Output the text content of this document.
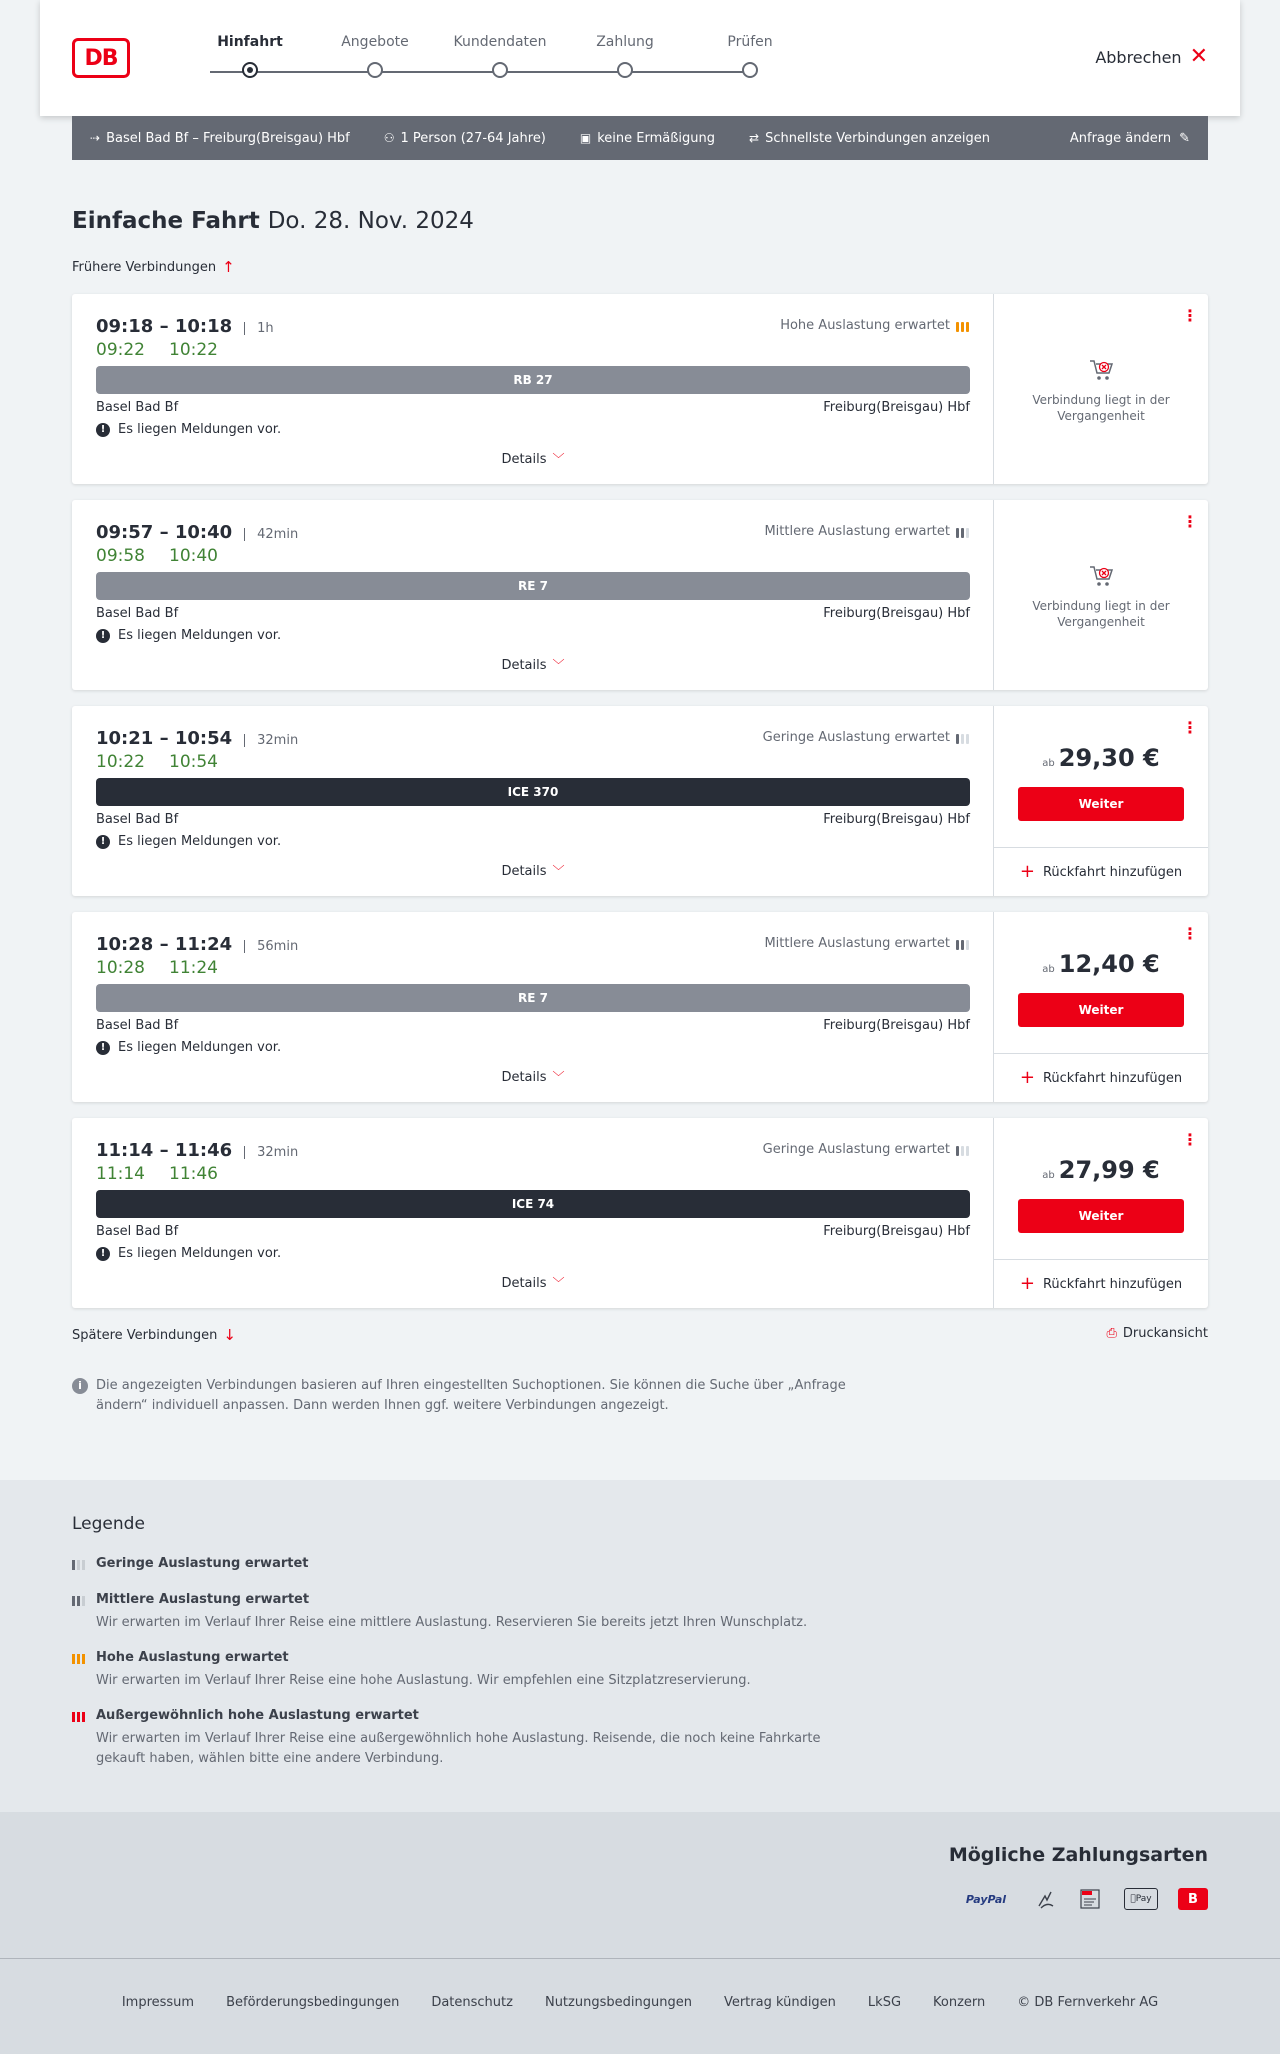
DB
Hinfahrt	Angebote	Kundendaten	Zahlung	Prüfen
Abbrechen ✕
⇢ Basel Bad Bf – Freiburg(Breisgau) Hbf	⚇ 1 Person (27-64 Jahre)	▣ keine Ermäßigung	⇄ Schnellste Verbindungen anzeigen	Anfrage ändern ✎
Einfache Fahrt Do. 28. Nov. 2024
Frühere Verbindungen ↑
09:18 – 10:18	1h
09:22 10:22
Hohe Auslastung erwartet
RB 27
Basel Bad Bf	Freiburg(Breisgau) Hbf
! Es liegen Meldungen vor.
Details ﹀
⋮
Verbindung liegt in der Vergangenheit
09:57 – 10:40	42min
09:58 10:40
Mittlere Auslastung erwartet
RE 7
Basel Bad Bf	Freiburg(Breisgau) Hbf
! Es liegen Meldungen vor.
Details ﹀
⋮
Verbindung liegt in der Vergangenheit
10:21 – 10:54	32min
10:22 10:54
Geringe Auslastung erwartet
ICE 370
Basel Bad Bf	Freiburg(Breisgau) Hbf
! Es liegen Meldungen vor.
Details ﹀
⋮
ab 29,30 €
Weiter
+ Rückfahrt hinzufügen
10:28 – 11:24	56min
10:28 11:24
Mittlere Auslastung erwartet
RE 7
Basel Bad Bf	Freiburg(Breisgau) Hbf
! Es liegen Meldungen vor.
Details ﹀
⋮
ab 12,40 €
Weiter
+ Rückfahrt hinzufügen
11:14 – 11:46	32min
11:14 11:46
Geringe Auslastung erwartet
ICE 74
Basel Bad Bf	Freiburg(Breisgau) Hbf
! Es liegen Meldungen vor.
Details ﹀
⋮
ab 27,99 €
Weiter
+ Rückfahrt hinzufügen
Spätere Verbindungen ↓	⎙ Druckansicht
i	Die angezeigten Verbindungen basieren auf Ihren eingestellten Suchoptionen. Sie können die Suche über „Anfrage ändern“ individuell anpassen. Dann werden Ihnen ggf. weitere Verbindungen angezeigt.
Legende
Geringe Auslastung erwartet
Mittlere Auslastung erwartet
Wir erwarten im Verlauf Ihrer Reise eine mittlere Auslastung. Reservieren Sie bereits jetzt Ihren Wunschplatz.
Hohe Auslastung erwartet
Wir erwarten im Verlauf Ihrer Reise eine hohe Auslastung. Wir empfehlen eine Sitzplatzreservierung.
Außergewöhnlich hohe Auslastung erwartet
Wir erwarten im Verlauf Ihrer Reise eine außergewöhnlich hohe Auslastung. Reisende, die noch keine Fahrkarte gekauft haben, wählen bitte eine andere Verbindung.
Mögliche Zahlungsarten
PayPal	Pay	B
Impressum Beförderungsbedingungen Datenschutz Nutzungsbedingungen Vertrag kündigen LkSG Konzern © DB Fernverkehr AG
